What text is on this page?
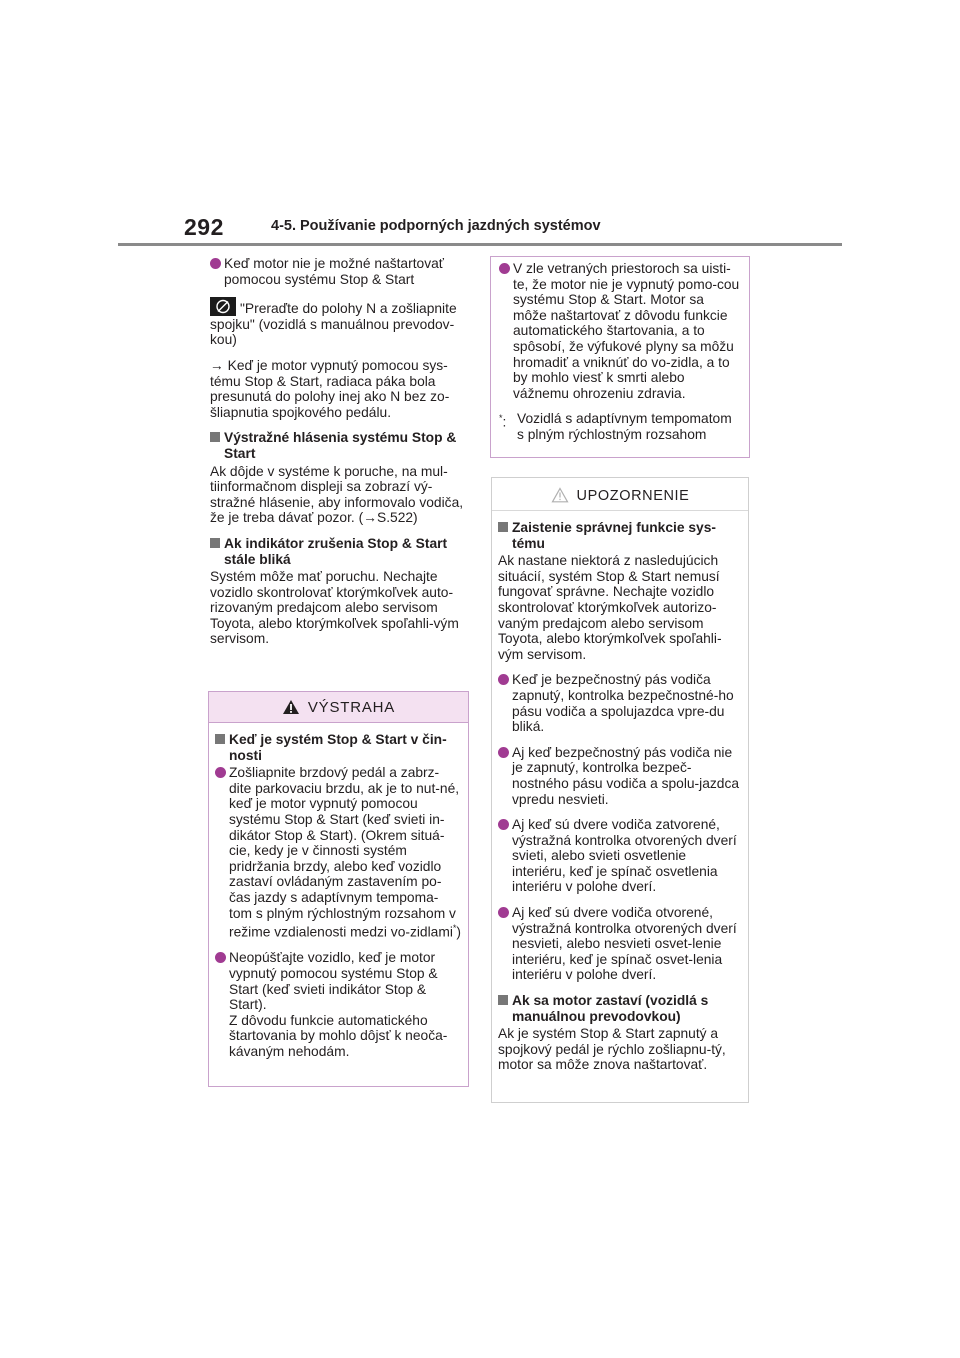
292	4-5. Používanie podporných jazdných systémov
Keď motor nie je možné naštartovať pomocou systému Stop & Start
"Preraďte do polohy N a zošliapnite spojku" (vozidlá s manuálnou prevodov-kou)
→ Keď je motor vypnutý pomocou sys-tému Stop & Start, radiaca páka bola presunutá do polohy inej ako N bez zo-šliapnutia spojkového pedálu.
Výstražné hlásenia systému Stop & Start
Ak dôjde v systéme k poruche, na mul-tiinformačnom displeji sa zobrazí vý-stražné hlásenie, aby informovalo vodiča, že je treba dávať pozor. (→S.522)
Ak indikátor zrušenia Stop & Start stále bliká
Systém môže mať poruchu. Nechajte vozidlo skontrolovať ktorýmkoľvek auto-rizovaným predajcom alebo servisom Toyota, alebo ktorýmkoľvek spoľahli-vým servisom.
VÝSTRAHA
Keď je systém Stop & Start v čin-nosti
Zošliapnite brzdový pedál a zabrz-dite parkovaciu brzdu, ak je to nut-né, keď je motor vypnutý pomocou systému Stop & Start (keď svieti in-dikátor Stop & Start). (Okrem situá-cie, kedy je v činnosti systém pridržania brzdy, alebo keď vozidlo zastaví ovládaným zastavením po-čas jazdy s adaptívnym tempoma-tom s plným rýchlostným rozsahom v režime vzdialenosti medzi vo-zidlami*)
Neopúšťajte vozidlo, keď je motor vypnutý pomocou systému Stop & Start (keď svieti indikátor Stop & Start).
Z dôvodu funkcie automatického štartovania by mohlo dôjsť k neoča-kávaným nehodám.
V zle vetraných priestoroch sa uisti-te, že motor nie je vypnutý pomo-cou systému Stop & Start. Motor sa môže naštartovať z dôvodu funkcie automatického štartovania, a to spôsobí, že výfukové plyny sa môžu hromadiť a vniknúť do vo-zidla, a to by mohlo viesť k smrti alebo vážnemu ohrozeniu zdravia.
*: Vozidlá s adaptívnym tempomatom s plným rýchlostným rozsahom
UPOZORNENIE
Zaistenie správnej funkcie sys-tému
Ak nastane niektorá z nasledujúcich situácií, systém Stop & Start nemusí fungovať správne. Nechajte vozidlo skontrolovať ktorýmkoľvek autorizo-vaným predajcom alebo servisom Toyota, alebo ktorýmkoľvek spoľahli-vým servisom.
Keď je bezpečnostný pás vodiča zapnutý, kontrolka bezpečnostné-ho pásu vodiča a spolujazdca vpre-du bliká.
Aj keď bezpečnostný pás vodiča nie je zapnutý, kontrolka bezpeč-nostného pásu vodiča a spolu-jazdca vpredu nesvieti.
Aj keď sú dvere vodiča zatvorené, výstražná kontrolka otvorených dverí svieti, alebo svieti osvetlenie interiéru, keď je spínač osvetlenia interiéru v polohe dverí.
Aj keď sú dvere vodiča otvorené, výstražná kontrolka otvorených dverí nesvieti, alebo nesvieti osvet-lenie interiéru, keď je spínač osvet-lenia interiéru v polohe dverí.
Ak sa motor zastaví (vozidlá s manuálnou prevodovkou)
Ak je systém Stop & Start zapnutý a spojkový pedál je rýchlo zošliapnu-tý, motor sa môže znova naštartovať.
